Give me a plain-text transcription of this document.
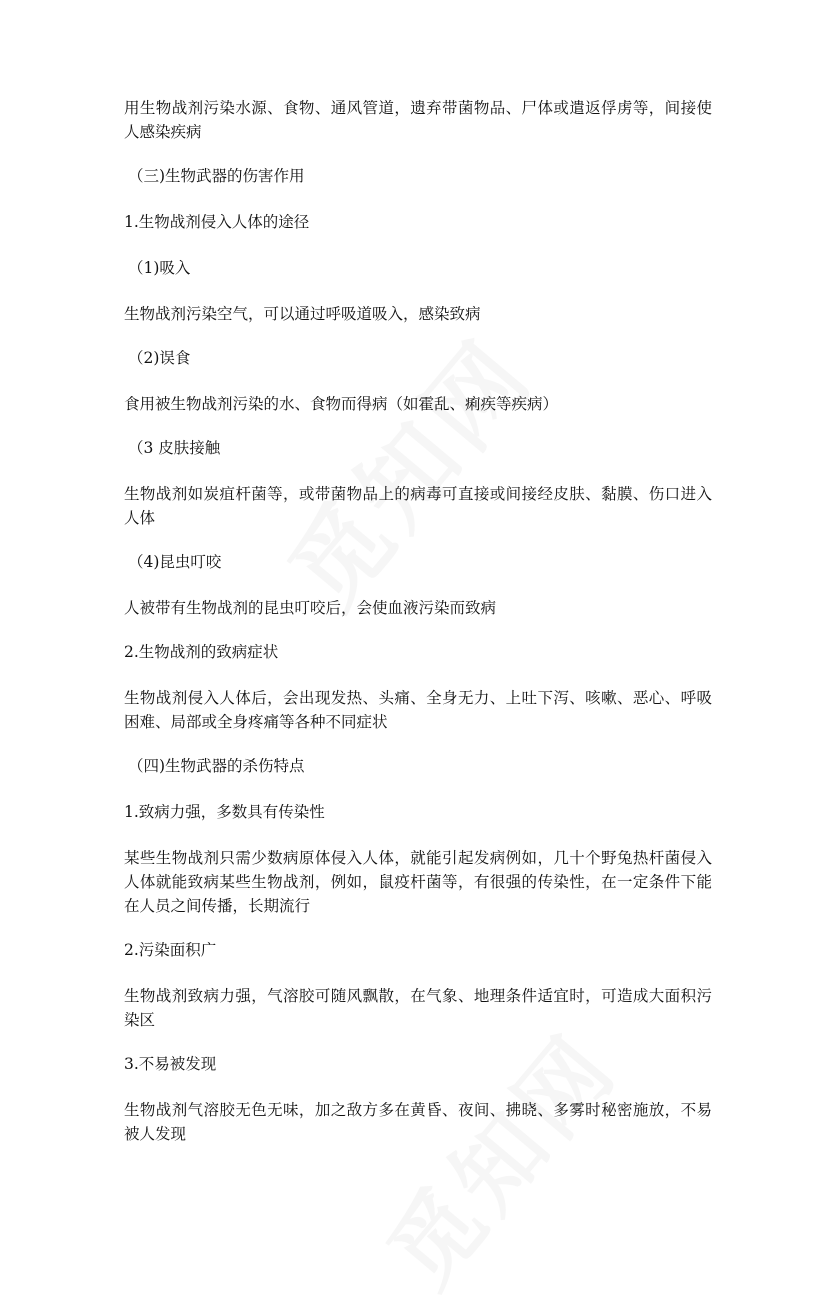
用生物战剂污染水源、食物、通风管道，遗弃带菌物品、尸体或遣返俘虏等，间接使人感染疾病

（三)生物武器的伤害作用

1.生物战剂侵入人体的途径

（1)吸入

生物战剂污染空气，可以通过呼吸道吸入，感染致病

（2)误食

食用被生物战剂污染的水、食物而得病（如霍乱、痢疾等疾病）

（3 皮肤接触

生物战剂如炭疽杆菌等，或带菌物品上的病毒可直接或间接经皮肤、黏膜、伤口进入人体

（4)昆虫叮咬

人被带有生物战剂的昆虫叮咬后，会使血液污染而致病

2.生物战剂的致病症状

生物战剂侵入人体后，会出现发热、头痛、全身无力、上吐下泻、咳嗽、恶心、呼吸困难、局部或全身疼痛等各种不同症状

（四)生物武器的杀伤特点

1.致病力强，多数具有传染性

某些生物战剂只需少数病原体侵入人体，就能引起发病例如，几十个野兔热杆菌侵入人体就能致病某些生物战剂，例如，鼠疫杆菌等，有很强的传染性，在一定条件下能在人员之间传播，长期流行

2.污染面积广

生物战剂致病力强，气溶胶可随风飘散，在气象、地理条件适宜时，可造成大面积污染区

3.不易被发现

生物战剂气溶胶无色无味，加之敌方多在黄昏、夜间、拂晓、多雾时秘密施放，不易被人发现
